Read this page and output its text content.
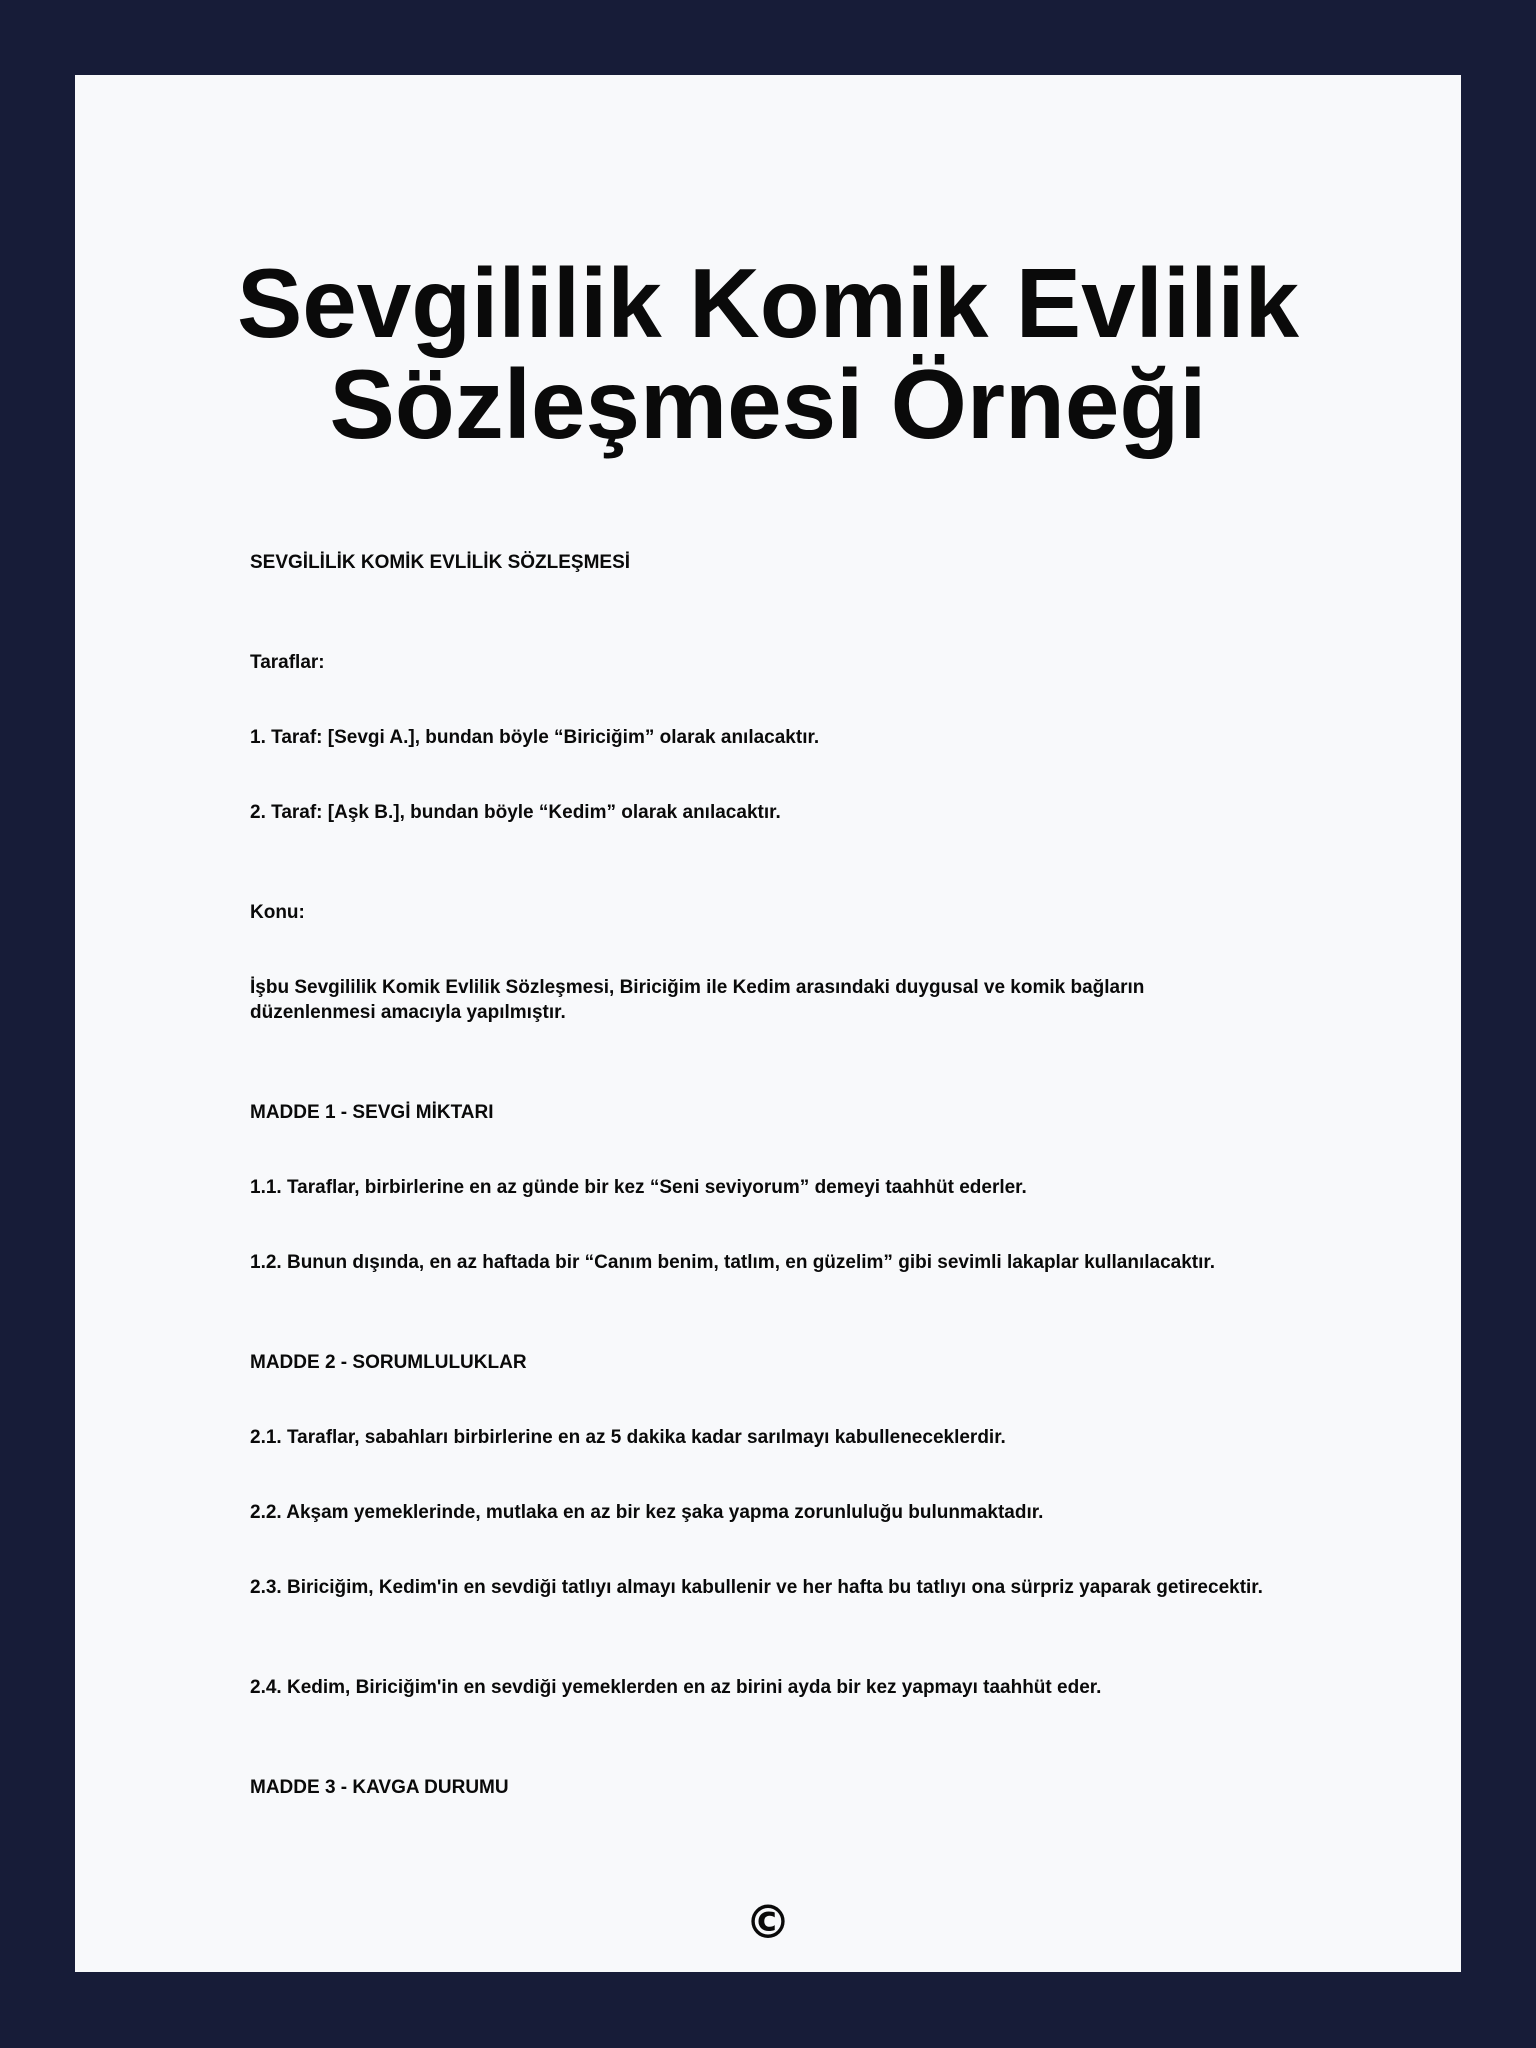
Sevgililik Komik Evlilik Sözleşmesi Örneği

SEVGİLİLİK KOMİK EVLİLİK SÖZLEŞMESİ

Taraflar:

1. Taraf: [Sevgi A.], bundan böyle “Biriciğim” olarak anılacaktır.

2. Taraf: [Aşk B.], bundan böyle “Kedim” olarak anılacaktır.

Konu:

İşbu Sevgililik Komik Evlilik Sözleşmesi, Biriciğim ile Kedim arasındaki duygusal ve komik bağların düzenlenmesi amacıyla yapılmıştır.

MADDE 1 - SEVGİ MİKTARI

1.1. Taraflar, birbirlerine en az günde bir kez “Seni seviyorum” demeyi taahhüt ederler.

1.2. Bunun dışında, en az haftada bir “Canım benim, tatlım, en güzelim” gibi sevimli lakaplar kullanılacaktır.

MADDE 2 - SORUMLULUKLAR

2.1. Taraflar, sabahları birbirlerine en az 5 dakika kadar sarılmayı kabulleneceklerdir.

2.2. Akşam yemeklerinde, mutlaka en az bir kez şaka yapma zorunluluğu bulunmaktadır.

2.3. Biriciğim, Kedim'in en sevdiği tatlıyı almayı kabullenir ve her hafta bu tatlıyı ona sürpriz yaparak getirecektir.

2.4. Kedim, Biriciğim'in en sevdiği yemeklerden en az birini ayda bir kez yapmayı taahhüt eder.

MADDE 3 - KAVGA DURUMU

©
